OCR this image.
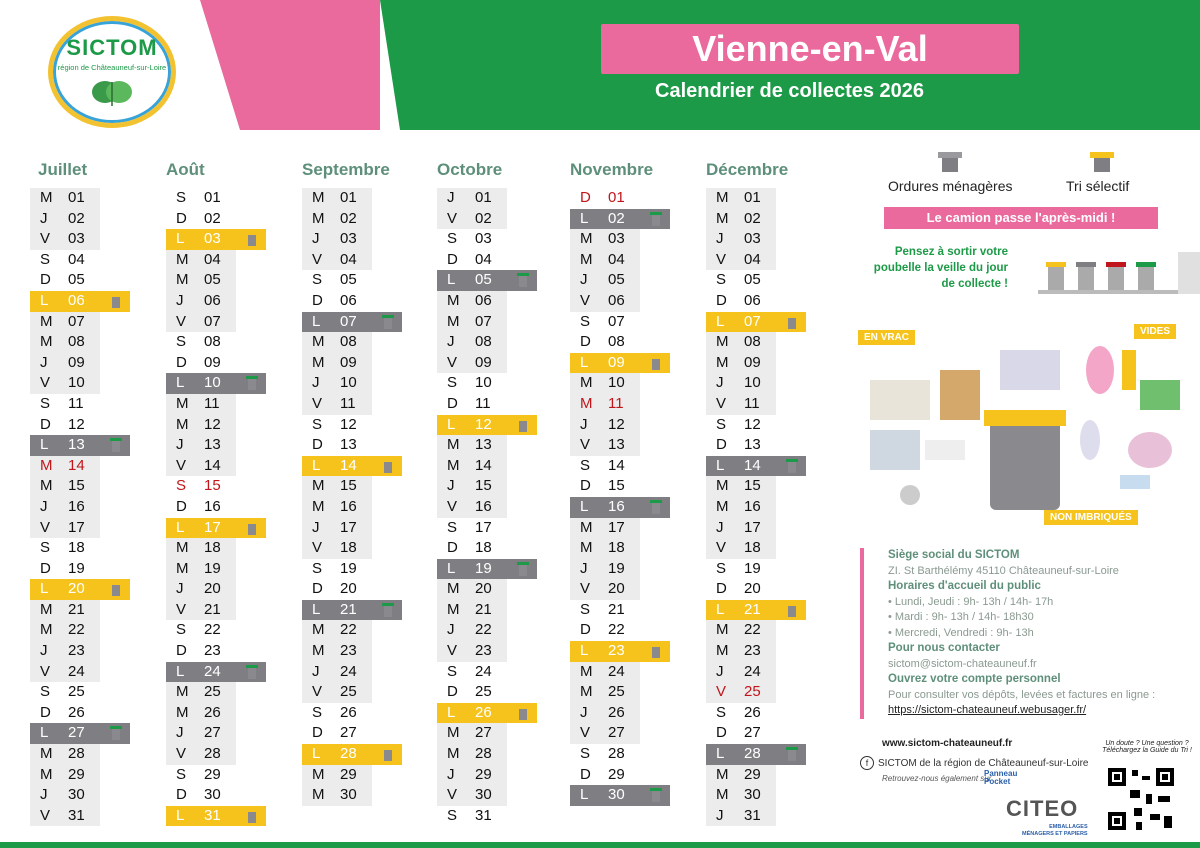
SICTOM
région de Châteauneuf-sur-Loire	Vienne-en-Val
Calendrier de collectes 2026
Juillet
M 01
J 02
V 03
S 04
D 05
L 06
M 07
M 08
J 09
V 10
S 11
D 12
L 13
M 14
M 15
J 16
V 17
S 18
D 19
L 20
M 21
M 22
J 23
V 24
S 25
D 26
L 27
M 28
M 29
J 30
V 31
Août
S 01
D 02
L 03
M 04
M 05
J 06
V 07
S 08
D 09
L 10
M 11
M 12
J 13
V 14
S 15
D 16
L 17
M 18
M 19
J 20
V 21
S 22
D 23
L 24
M 25
M 26
J 27
V 28
S 29
D 30
L 31
Septembre
M 01
M 02
J 03
V 04
S 05
D 06
L 07
M 08
M 09
J 10
V 11
S 12
D 13
L 14
M 15
M 16
J 17
V 18
S 19
D 20
L 21
M 22
M 23
J 24
V 25
S 26
D 27
L 28
M 29
M 30
Octobre
J 01
V 02
S 03
D 04
L 05
M 06
M 07
J 08
V 09
S 10
D 11
L 12
M 13
M 14
J 15
V 16
S 17
D 18
L 19
M 20
M 21
J 22
V 23
S 24
D 25
L 26
M 27
M 28
J 29
V 30
S 31
Novembre
D 01
L 02
M 03
M 04
J 05
V 06
S 07
D 08
L 09
M 10
M 11
J 12
V 13
S 14
D 15
L 16
M 17
M 18
J 19
V 20
S 21
D 22
L 23
M 24
M 25
J 26
V 27
S 28
D 29
L 30
Décembre
M 01
M 02
J 03
V 04
S 05
D 06
L 07
M 08
M 09
J 10
V 11
S 12
D 13
L 14
M 15
M 16
J 17
V 18
S 19
D 20
L 21
M 22
M 23
J 24
V 25
S 26
D 27
L 28
M 29
M 30
J 31
Ordures ménagères	Tri sélectif
Le camion passe l'après-midi !
Pensez à sortir votre poubelle la veille du jour de collecte !
EN VRAC
VIDES
NON IMBRIQUÉS
Siège social du SICTOM
ZI. St Barthélémy 45110 Châteauneuf-sur-Loire
Horaires d'accueil du public
• Lundi, Jeudi : 9h- 13h / 14h- 17h
• Mardi : 9h- 13h / 14h- 18h30
• Mercredi, Vendredi : 9h- 13h
Pour nous contacter
sictom@sictom-chateauneuf.fr
Ouvrez votre compte personnel
Pour consulter vos dépôts, levées et factures en ligne :
https://sictom-chateauneuf.webusager.fr/
www.sictom-chateauneuf.fr
f SICTOM de la région de Châteauneuf-sur-Loire
Retrouvez-nous également sur
Panneau
Pocket
Un doute ? Une question ?
Téléchargez la Guide du Tri !
CITEO
EMBALLAGES
MÉNAGERS ET PAPIERS
